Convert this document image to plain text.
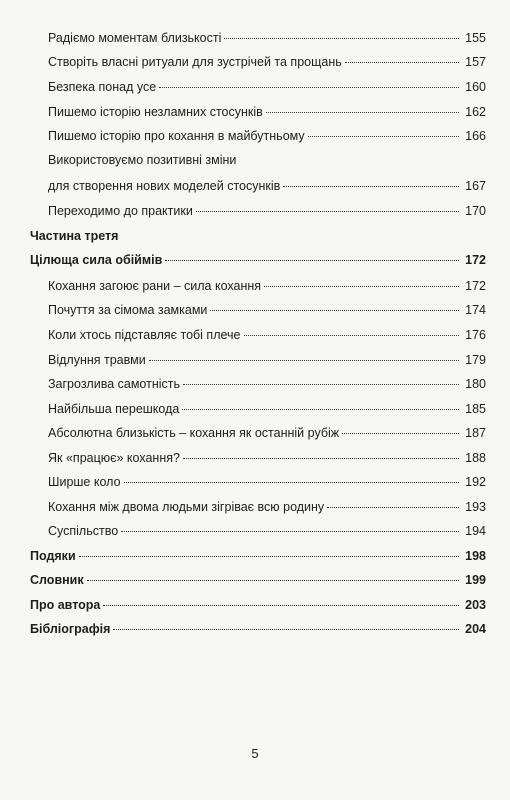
Радіємо моментам близькості	155
Створіть власні ритуали для зустрічей та прощань	157
Безпека понад усе	160
Пишемо історію незламних стосунків	162
Пишемо історію про кохання в майбутньому	166
Використовуємо позитивні зміни
для створення нових моделей стосунків	167
Переходимо до практики	170
Частина третя
Цілюща сила обіймів	172
Кохання загоює рани – сила кохання	172
Почуття за сімома замками	174
Коли хтось підставляє тобі плече	176
Відлуння травми	179
Загрозлива самотність	180
Найбільша перешкода	185
Абсолютна близькість – кохання як останній рубіж	187
Як «працює» кохання?	188
Ширше коло	192
Кохання між двома людьми зігріває всю родину	193
Суспільство	194
Подяки	198
Словник	199
Про автора	203
Бібліографія	204
5
